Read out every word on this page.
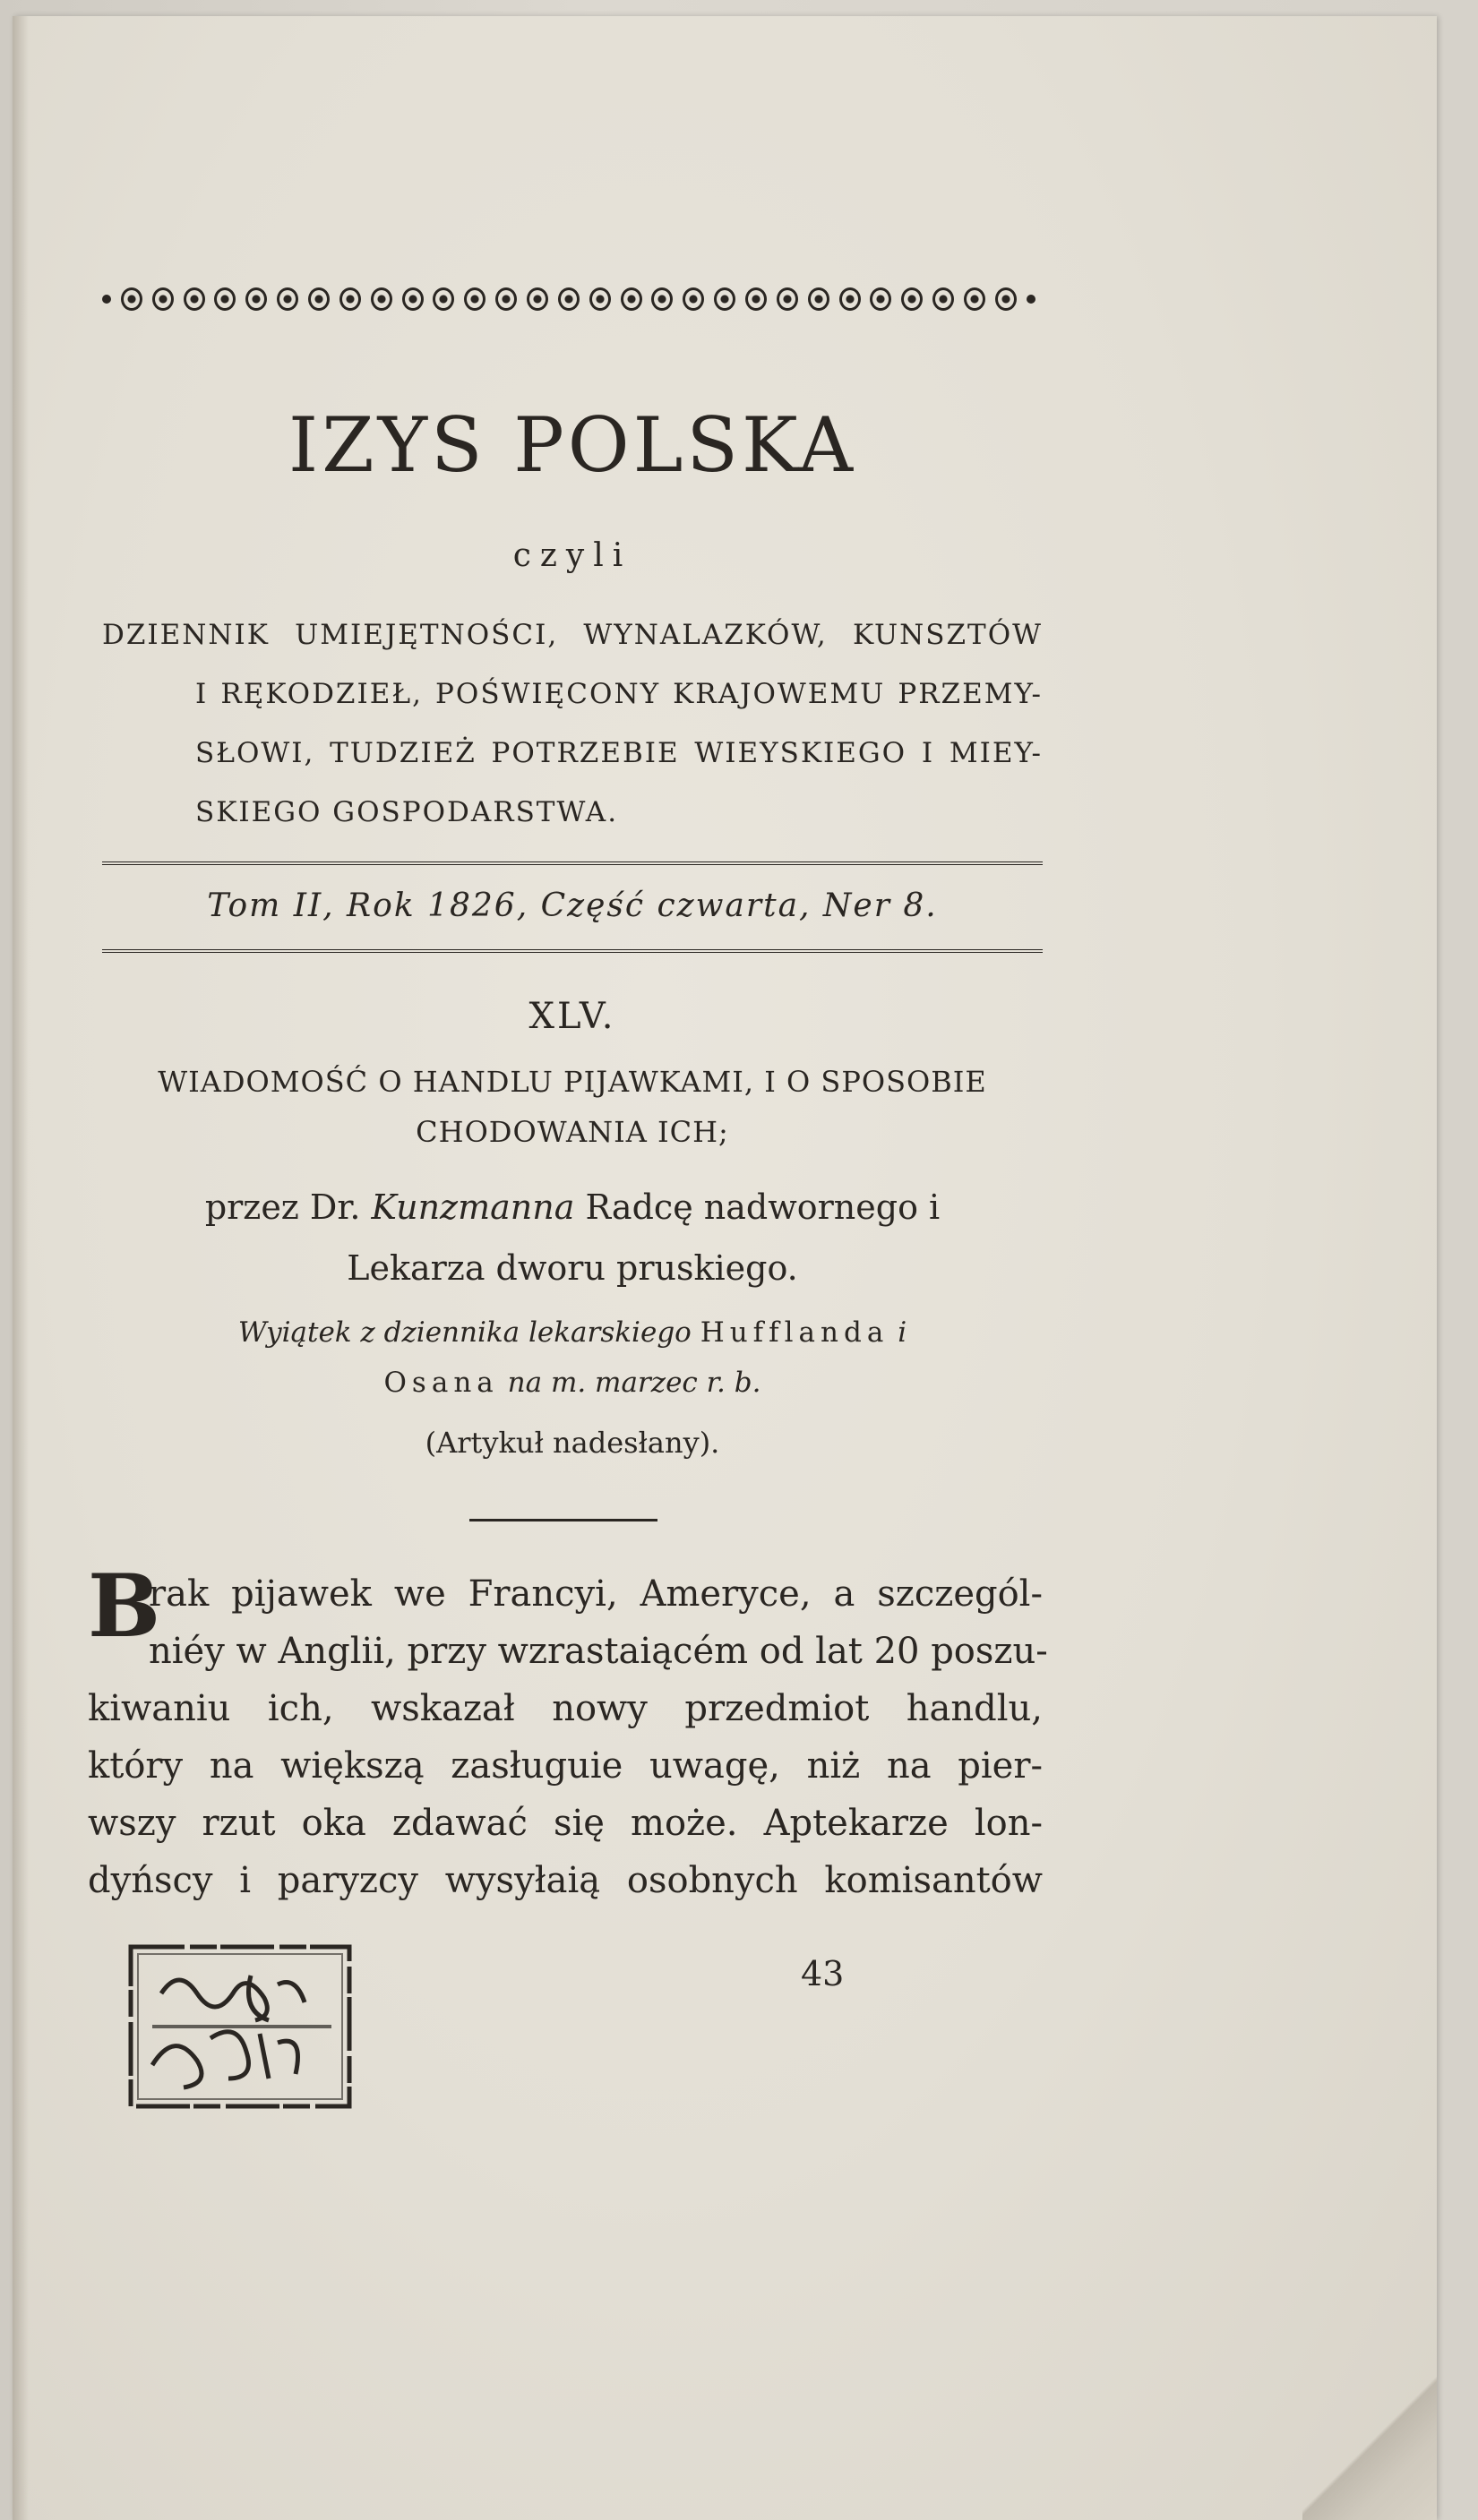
IZYS POLSKA
czyli
DZIENNIK UMIEJĘTNOŚCI, WYNALAZKÓW, KUNSZTÓW
I RĘKODZIEŁ, POŚWIĘCONY KRAJOWEMU PRZEMY-
SŁOWI, TUDZIEŻ POTRZEBIE WIEYSKIEGO I MIEY-
SKIEGO GOSPODARSTWA.
Tom II, Rok 1826, Część czwarta, Ner 8.
XLV.
WIADOMOŚĆ O HANDLU PIJAWKAMI, I O SPOSOBIE
CHODOWANIA ICH;
przez Dr. Kunzmanna Radcę nadwornego i
Lekarza dworu pruskiego.
Wyiątek z dziennika lekarskiego Hufflanda i
Osana na m. marzec r. b.
(Artykuł nadesłany).
B
rak pijawek we Francyi, Ameryce, a szczegól-
niéy w Anglii, przy wzrastaiącém od lat 20 poszu-
kiwaniu ich, wskazał nowy przedmiot handlu,
który na większą zasługuie uwagę, niż na pier-
wszy rzut oka zdawać się może. Aptekarze lon-
dyńscy i paryzcy wysyłaią osobnych komisantów
43
